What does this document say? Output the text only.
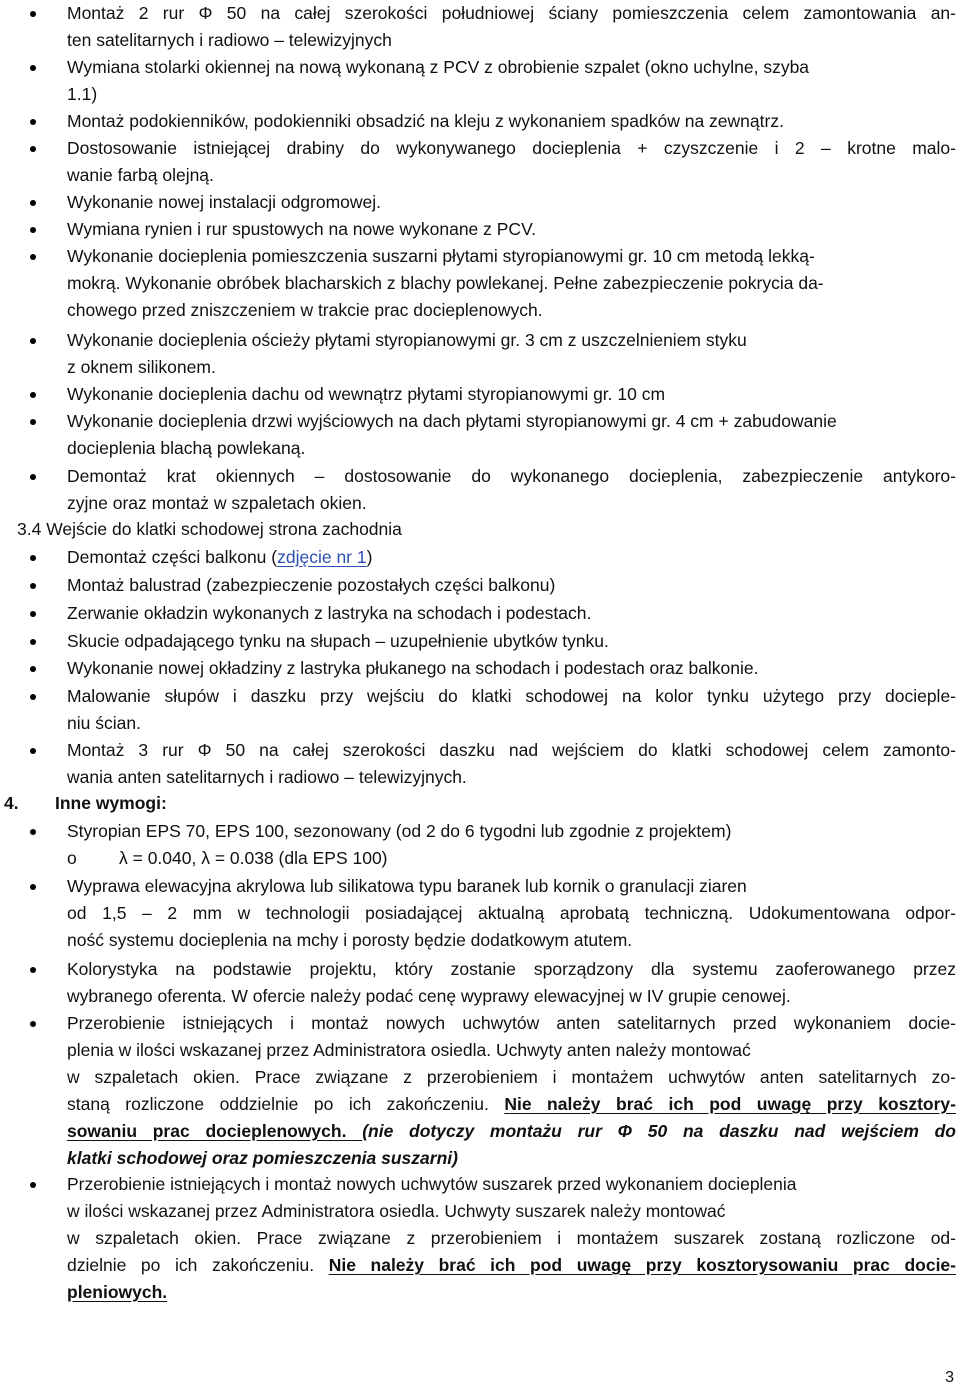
Montaż 2 rur Φ 50 na całej szerokości południowej ściany pomieszczenia celem zamontowania an-
ten satelitarnych i radiowo – telewizyjnych
Wymiana stolarki okiennej na nową wykonaną z PCV z obrobienie szpalet (okno uchylne, szyba
1.1)
Montaż podokienników, podokienniki obsadzić na kleju z wykonaniem spadków na zewnątrz.
Dostosowanie istniejącej drabiny do wykonywanego docieplenia + czyszczenie i 2 – krotne malo-
wanie farbą olejną.
Wykonanie nowej instalacji odgromowej.
Wymiana rynien i rur spustowych na nowe wykonane z PCV.
Wykonanie docieplenia pomieszczenia suszarni płytami styropianowymi gr. 10 cm metodą lekką-
mokrą. Wykonanie obróbek blacharskich z blachy powlekanej. Pełne zabezpieczenie pokrycia da-
chowego przed zniszczeniem w trakcie prac docieplenowych.
Wykonanie docieplenia ościeży płytami styropianowymi gr. 3 cm z uszczelnieniem styku
z oknem silikonem.
Wykonanie docieplenia dachu od wewnątrz płytami styropianowymi gr. 10 cm
Wykonanie docieplenia drzwi wyjściowych na dach płytami styropianowymi gr. 4 cm + zabudowanie
docieplenia blachą powlekaną.
Demontaż krat okiennych – dostosowanie do wykonanego docieplenia, zabezpieczenie antykoro-
zyjne oraz montaż w szpaletach okien.
3.4 Wejście do klatki schodowej strona zachodnia
Demontaż części balkonu (zdjęcie nr 1)
Montaż balustrad (zabezpieczenie pozostałych części balkonu)
Zerwanie okładzin wykonanych z lastryka na schodach i podestach.
Skucie odpadającego tynku na słupach – uzupełnienie ubytków tynku.
Wykonanie nowej okładziny z lastryka płukanego na schodach i podestach oraz balkonie.
Malowanie słupów i daszku przy wejściu do klatki schodowej na kolor tynku użytego przy docieple-
niu ścian.
Montaż 3 rur Φ 50 na całej szerokości daszku nad wejściem do klatki schodowej celem zamonto-
wania anten satelitarnych i radiowo – telewizyjnych.
4. Inne wymogi:
Styropian EPS 70, EPS 100, sezonowany (od 2 do 6 tygodni lub zgodnie z projektem)
o λ = 0.040, λ = 0.038 (dla EPS 100)
Wyprawa elewacyjna akrylowa lub silikatowa typu baranek lub kornik o granulacji ziaren
od 1,5 – 2 mm w technologii posiadającej aktualną aprobatą techniczną. Udokumentowana odpor-
ność systemu docieplenia na mchy i porosty będzie dodatkowym atutem.
Kolorystyka na podstawie projektu, który zostanie sporządzony dla systemu zaoferowanego przez
wybranego oferenta. W ofercie należy podać cenę wyprawy elewacyjnej w IV grupie cenowej.
Przerobienie istniejących i montaż nowych uchwytów anten satelitarnych przed wykonaniem docie-
plenia w ilości wskazanej przez Administratora osiedla. Uchwyty anten należy montować
w szpaletach okien. Prace związane z przerobieniem i montażem uchwytów anten satelitarnych zo-
staną rozliczone oddzielnie po ich zakończeniu. Nie należy brać ich pod uwagę przy kosztory-
sowaniu prac docieplenowych. (nie dotyczy montażu rur Φ 50 na daszku nad wejściem do
klatki schodowej oraz pomieszczenia suszarni)
Przerobienie istniejących i montaż nowych uchwytów suszarek przed wykonaniem docieplenia
w ilości wskazanej przez Administratora osiedla. Uchwyty suszarek należy montować
w szpaletach okien. Prace związane z przerobieniem i montażem suszarek zostaną rozliczone od-
dzielnie po ich zakończeniu. Nie należy brać ich pod uwagę przy kosztorysowaniu prac docie-
pleniowych.
3
